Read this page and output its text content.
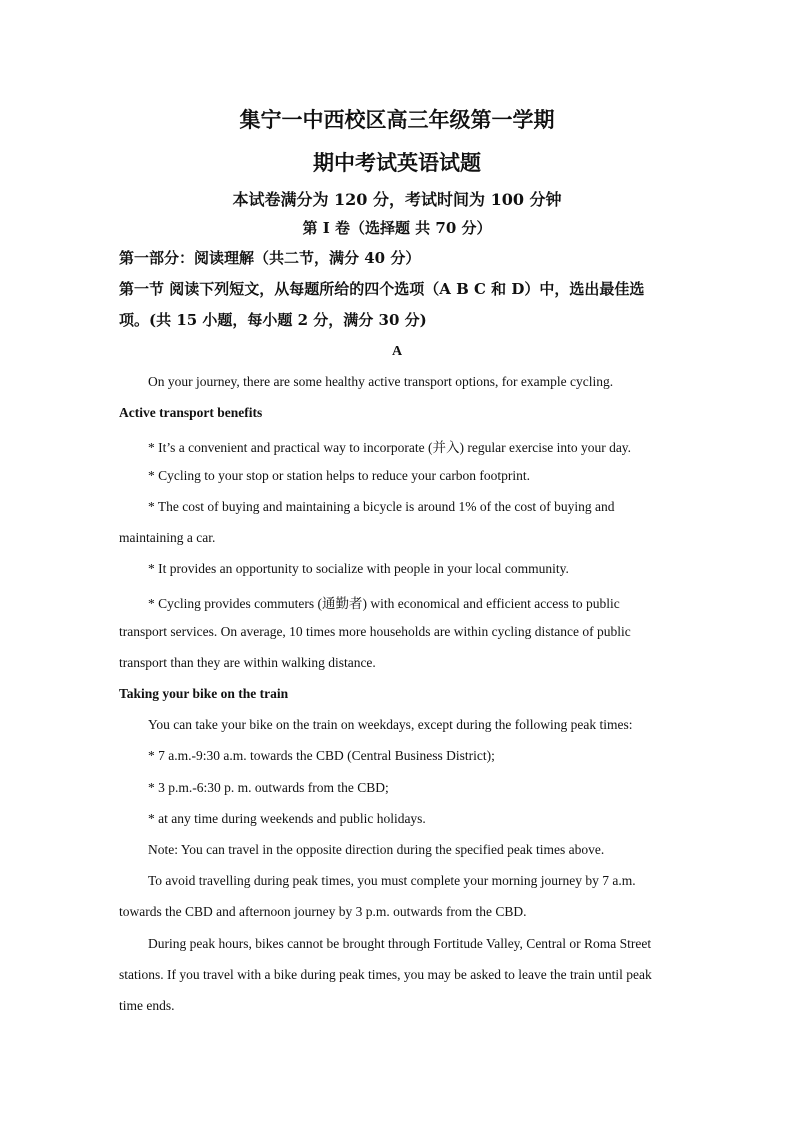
集宁一中西校区高三年级第一学期
期中考试英语试题
本试卷满分为 120 分，考试时间为 100 分钟
第 I 卷（选择题 共 70 分）
第一部分：阅读理解（共二节，满分 40 分）
第一节 阅读下列短文，从每题所给的四个选项（A B C 和 D）中，选出最佳选
项。(共 15 小题，每小题 2 分，满分 30 分)
A
On your journey, there are some healthy active transport options, for example cycling.
Active transport benefits
* It’s a convenient and practical way to incorporate (并入) regular exercise into your day.
* Cycling to your stop or station helps to reduce your carbon footprint.
* The cost of buying and maintaining a bicycle is around 1% of the cost of buying and
maintaining a car.
* It provides an opportunity to socialize with people in your local community.
* Cycling provides commuters (通勤者) with economical and efficient access to public
transport services. On average, 10 times more households are within cycling distance of public
transport than they are within walking distance.
Taking your bike on the train
You can take your bike on the train on weekdays, except during the following peak times:
* 7 a.m.-9:30 a.m. towards the CBD (Central Business District);
* 3 p.m.-6:30 p. m. outwards from the CBD;
* at any time during weekends and public holidays.
Note: You can travel in the opposite direction during the specified peak times above.
To avoid travelling during peak times, you must complete your morning journey by 7 a.m.
towards the CBD and afternoon journey by 3 p.m. outwards from the CBD.
During peak hours, bikes cannot be brought through Fortitude Valley, Central or Roma Street
stations. If you travel with a bike during peak times, you may be asked to leave the train until peak
time ends.
